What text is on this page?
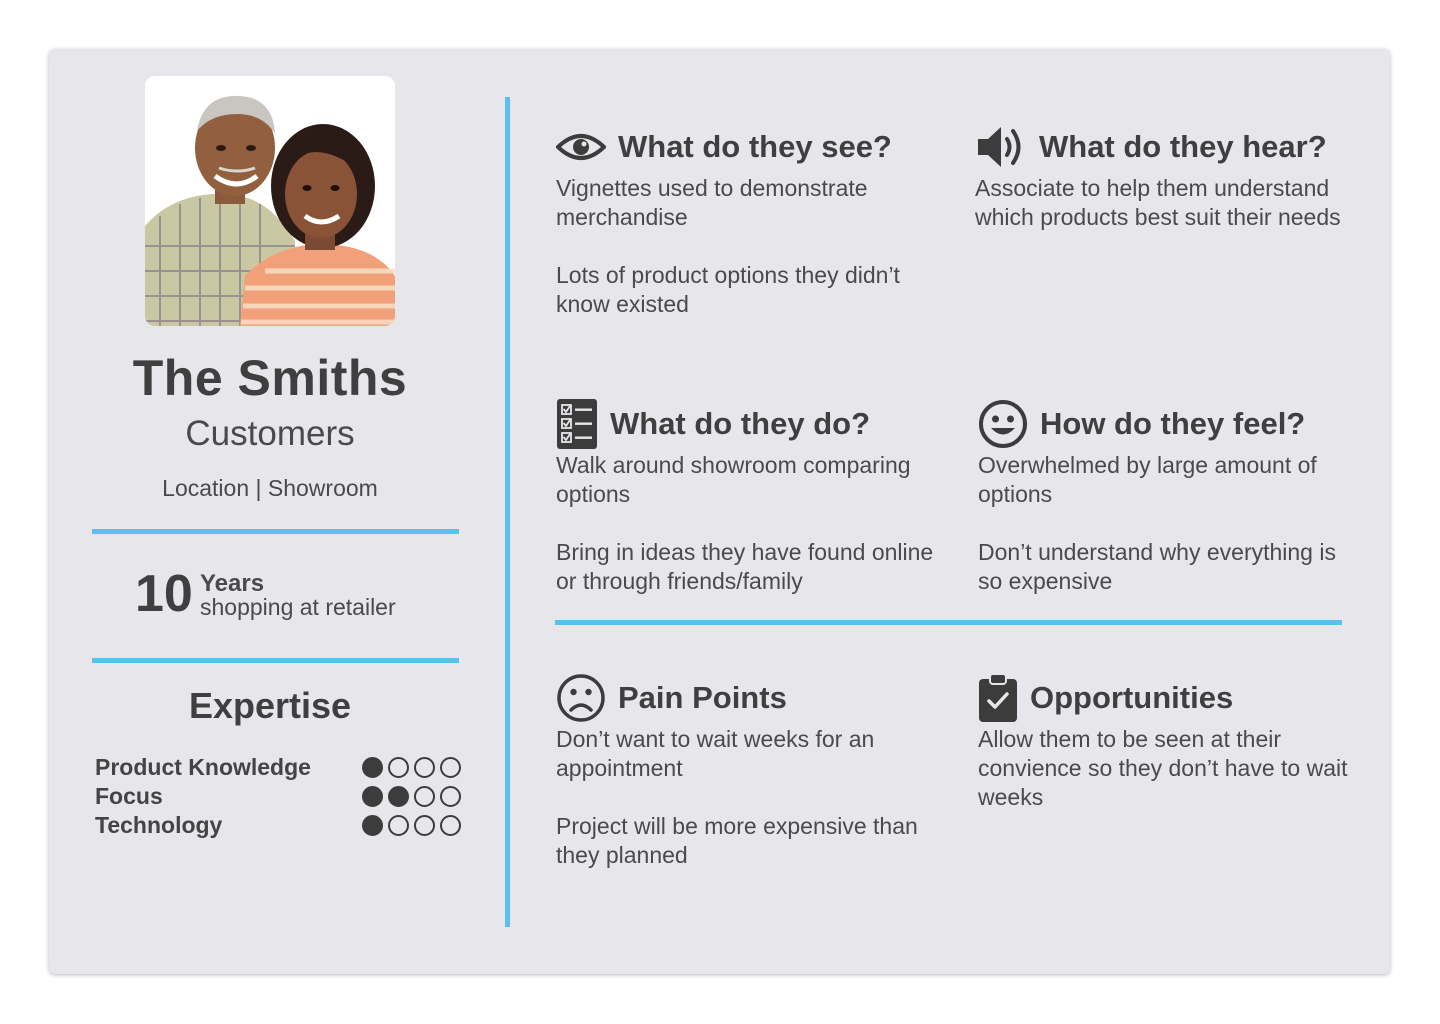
The Smiths
Customers
Location | Showroom
10 Years
shopping at retailer
Expertise
Product Knowledge
Focus
Technology
What do they see?

Vignettes used to demonstrate merchandise

Lots of product options they didn’t know existed

What do they hear?

Associate to help them understand which products best suit their needs

What do they do?

Walk around showroom comparing options

Bring in ideas they have found online or through friends/family

How do they feel?

Overwhelmed by large amount of options

Don’t understand why everything is so expensive

Pain Points

Don’t want to wait weeks for an appointment

Project will be more expensive than they planned

Opportunities

Allow them to be seen at their convience so they don’t have to wait weeks
